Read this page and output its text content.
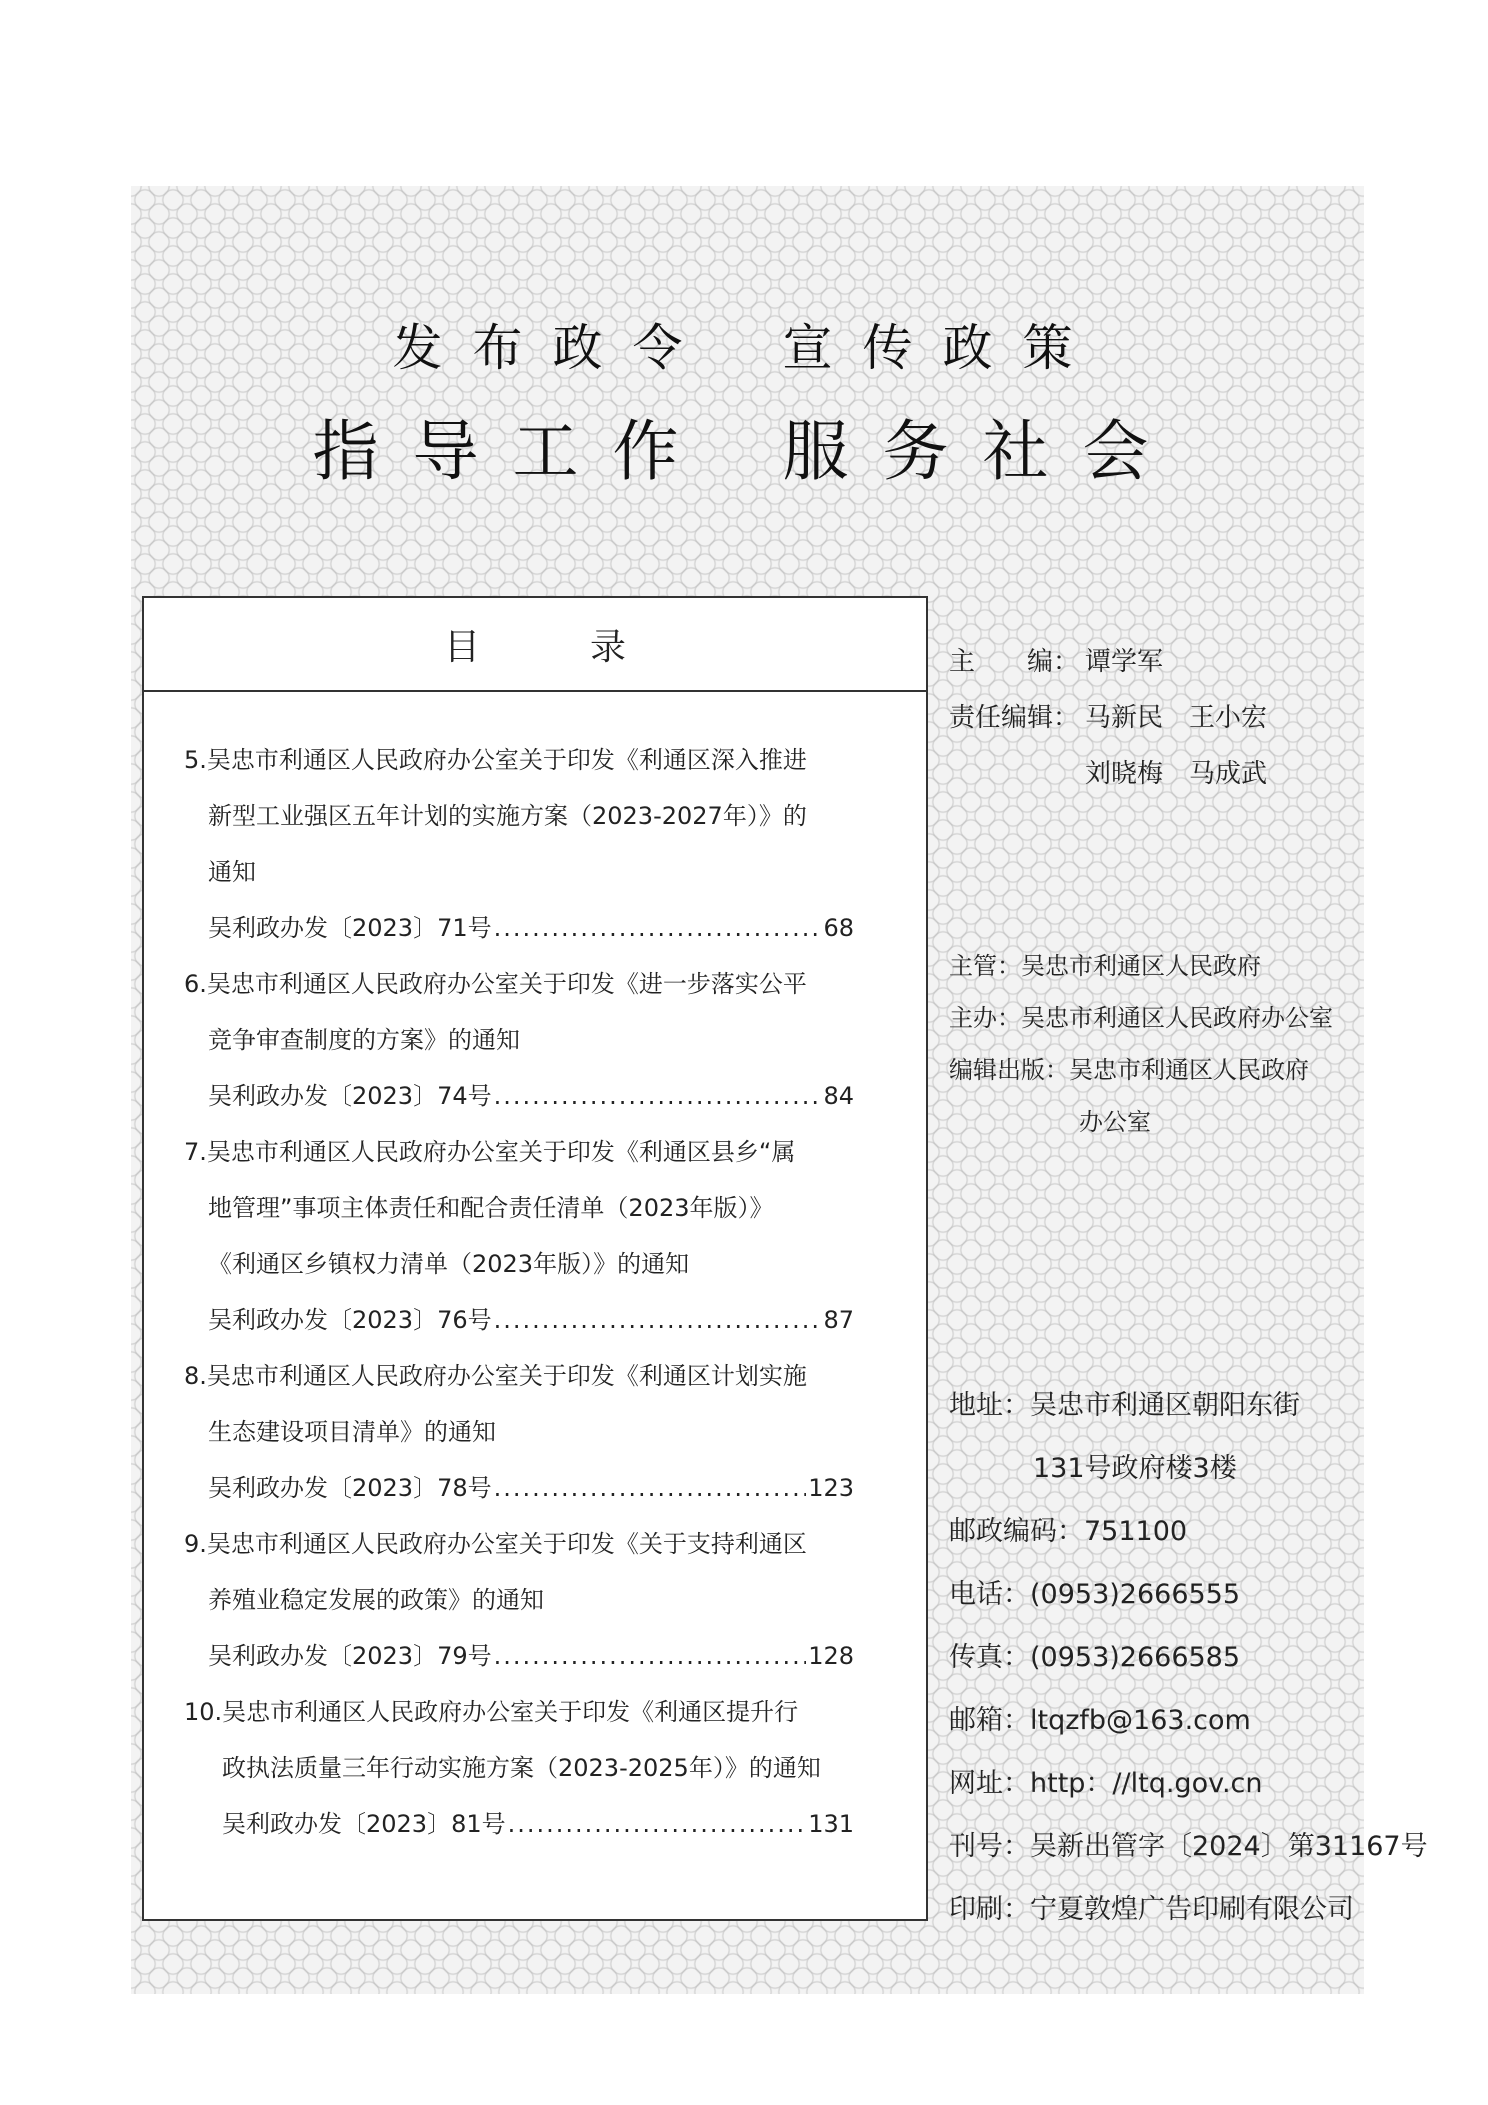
发布政令 宣传政策
指导工作 服务社会
目录
5.吴忠市利通区人民政府办公室关于印发《利通区深入推进
新型工业强区五年计划的实施方案（2023-2027年）》的
通知
吴利政办发〔2023〕71号 .....	68
6.吴忠市利通区人民政府办公室关于印发《进一步落实公平
竞争审查制度的方案》的通知
吴利政办发〔2023〕74号 .....	84
7.吴忠市利通区人民政府办公室关于印发《利通区县乡“属
地管理”事项主体责任和配合责任清单（2023年版）》
《利通区乡镇权力清单（2023年版）》的通知
吴利政办发〔2023〕76号 .....	87
8.吴忠市利通区人民政府办公室关于印发《利通区计划实施
生态建设项目清单》的通知
吴利政办发〔2023〕78号 .....	123
9.吴忠市利通区人民政府办公室关于印发《关于支持利通区
养殖业稳定发展的政策》的通知
吴利政办发〔2023〕79号 .....	128
10.吴忠市利通区人民政府办公室关于印发《利通区提升行
政执法质量三年行动实施方案（2023-2025年）》的通知
吴利政办发〔2023〕81号 .....	131
主　　编： 谭学军
责任编辑： 马新民　王小宏
刘晓梅　马成武
主管：吴忠市利通区人民政府
主办：吴忠市利通区人民政府办公室
编辑出版：吴忠市利通区人民政府
办公室
地址：吴忠市利通区朝阳东街
131号政府楼3楼
邮政编码：751100
电话：(0953)2666555
传真：(0953)2666585
邮箱：ltqzfb@163.com
网址：http：//ltq.gov.cn
刊号：吴新出管字〔2024〕第31167号
印刷：宁夏敦煌广告印刷有限公司
